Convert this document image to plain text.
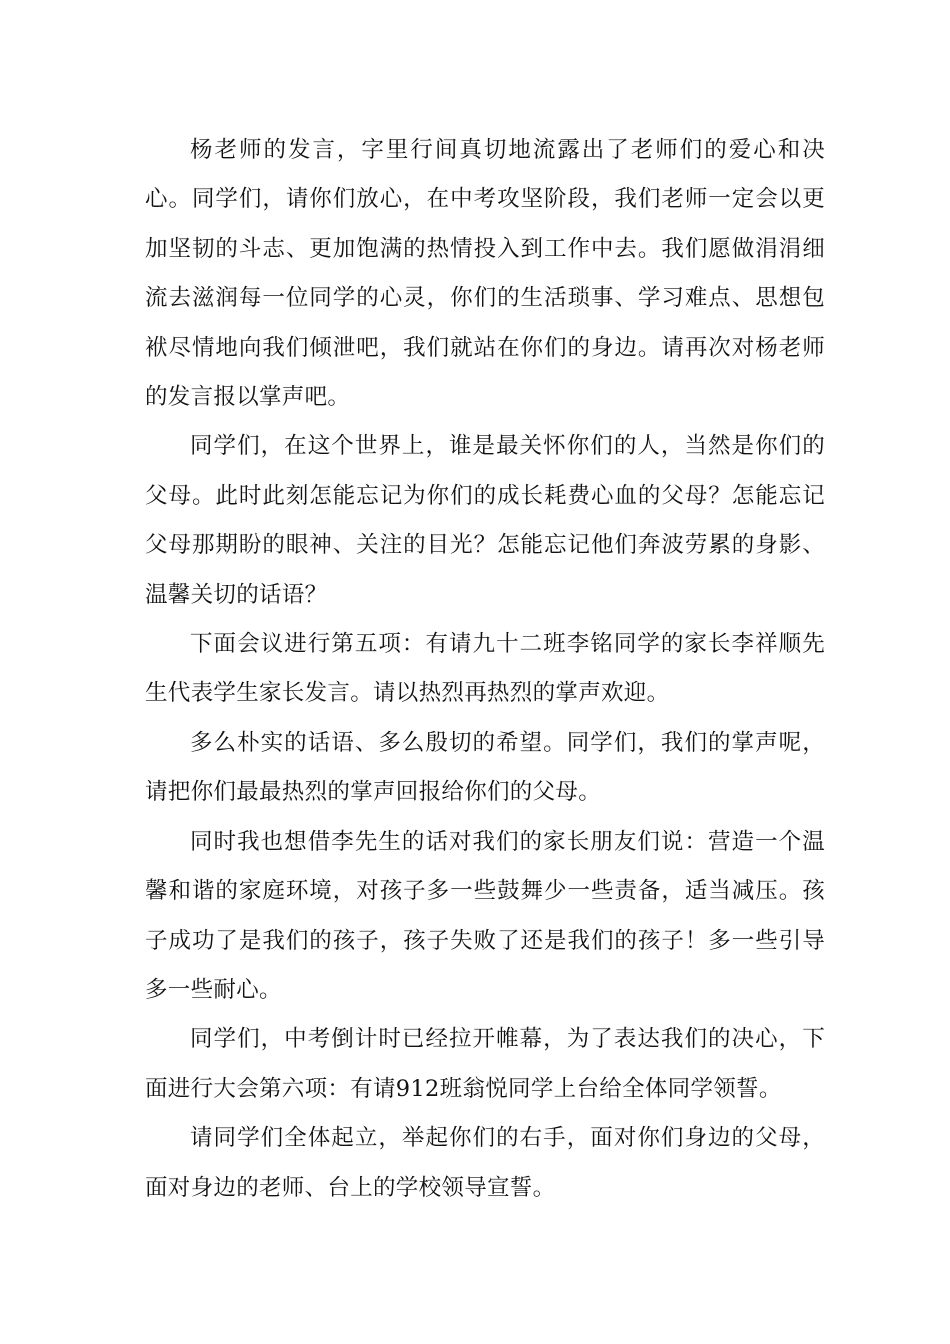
杨老师的发言，字里行间真切地流露出了老师们的爱心和决心。同学们，请你们放心，在中考攻坚阶段，我们老师一定会以更加坚韧的斗志、更加饱满的热情投入到工作中去。我们愿做涓涓细流去滋润每一位同学的心灵，你们的生活琐事、学习难点、思想包袱尽情地向我们倾泄吧，我们就站在你们的身边。请再次对杨老师的发言报以掌声吧。

同学们，在这个世界上，谁是最关怀你们的人，当然是你们的父母。此时此刻怎能忘记为你们的成长耗费心血的父母？怎能忘记父母那期盼的眼神、关注的目光？怎能忘记他们奔波劳累的身影、温馨关切的话语？

下面会议进行第五项：有请九十二班李铭同学的家长李祥顺先生代表学生家长发言。请以热烈再热烈的掌声欢迎。

多么朴实的话语、多么殷切的希望。同学们，我们的掌声呢，请把你们最最热烈的掌声回报给你们的父母。

同时我也想借李先生的话对我们的家长朋友们说：营造一个温馨和谐的家庭环境，对孩子多一些鼓舞少一些责备，适当减压。孩子成功了是我们的孩子，孩子失败了还是我们的孩子！多一些引导多一些耐心。

同学们，中考倒计时已经拉开帷幕，为了表达我们的决心，下面进行大会第六项：有请912班翁悦同学上台给全体同学领誓。

请同学们全体起立，举起你们的右手，面对你们身边的父母，面对身边的老师、台上的学校领导宣誓。
